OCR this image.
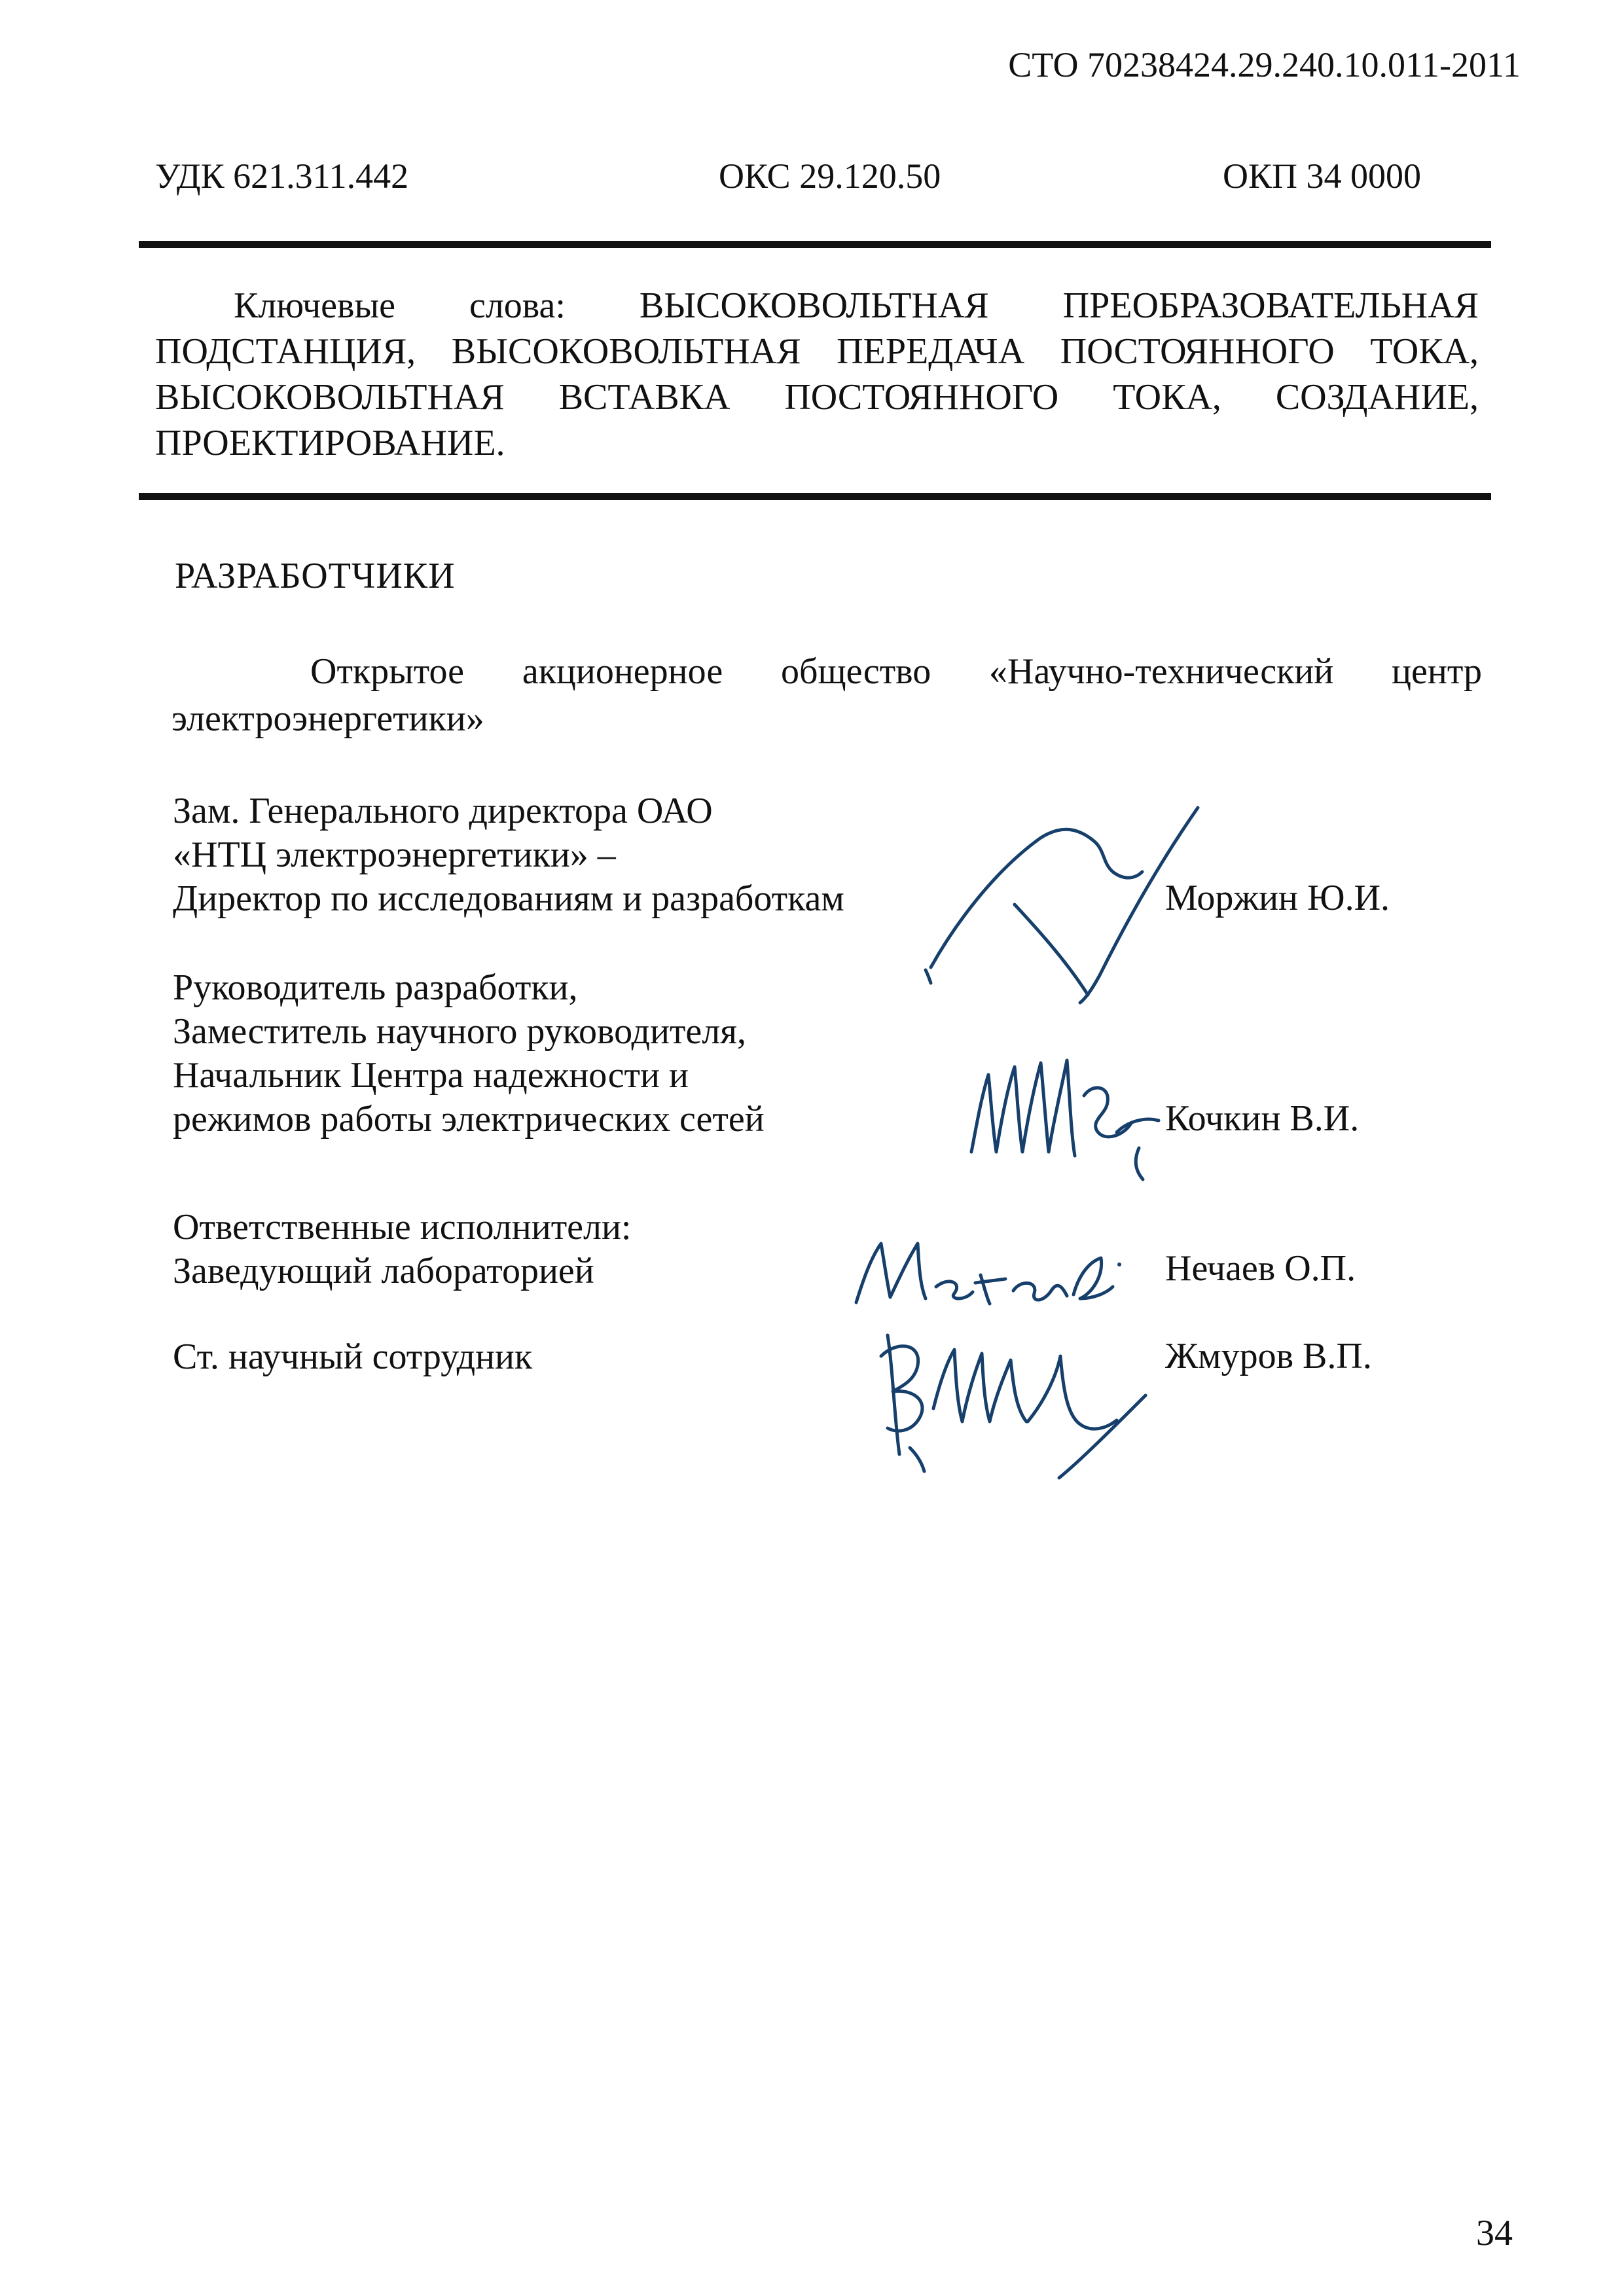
СТО 70238424.29.240.10.011-2011
УДК 621.311.442	ОКС 29.120.50	ОКП 34 0000
Ключевые слова: ВЫСОКОВОЛЬТНАЯ ПРЕОБРАЗОВАТЕЛЬНАЯ ПОДСТАНЦИЯ, ВЫСОКОВОЛЬТНАЯ ПЕРЕДАЧА ПОСТОЯННОГО ТОКА, ВЫСОКОВОЛЬТНАЯ ВСТАВКА ПОСТОЯННОГО ТОКА, СОЗДАНИЕ, ПРОЕКТИРОВАНИЕ.
РАЗРАБОТЧИКИ
Открытое акционерное общество «Научно-технический центр электроэнергетики»
Зам. Генерального директора ОАО
«НТЦ электроэнергетики» –
Директор по исследованиям и разработкам	Моржин Ю.И.
Руководитель разработки,
Заместитель научного руководителя,
Начальник Центра надежности и
режимов работы электрических сетей	Кочкин В.И.
Ответственные исполнители:
Заведующий лабораторией	Нечаев О.П.
Ст. научный сотрудник	Жмуров В.П.
34
